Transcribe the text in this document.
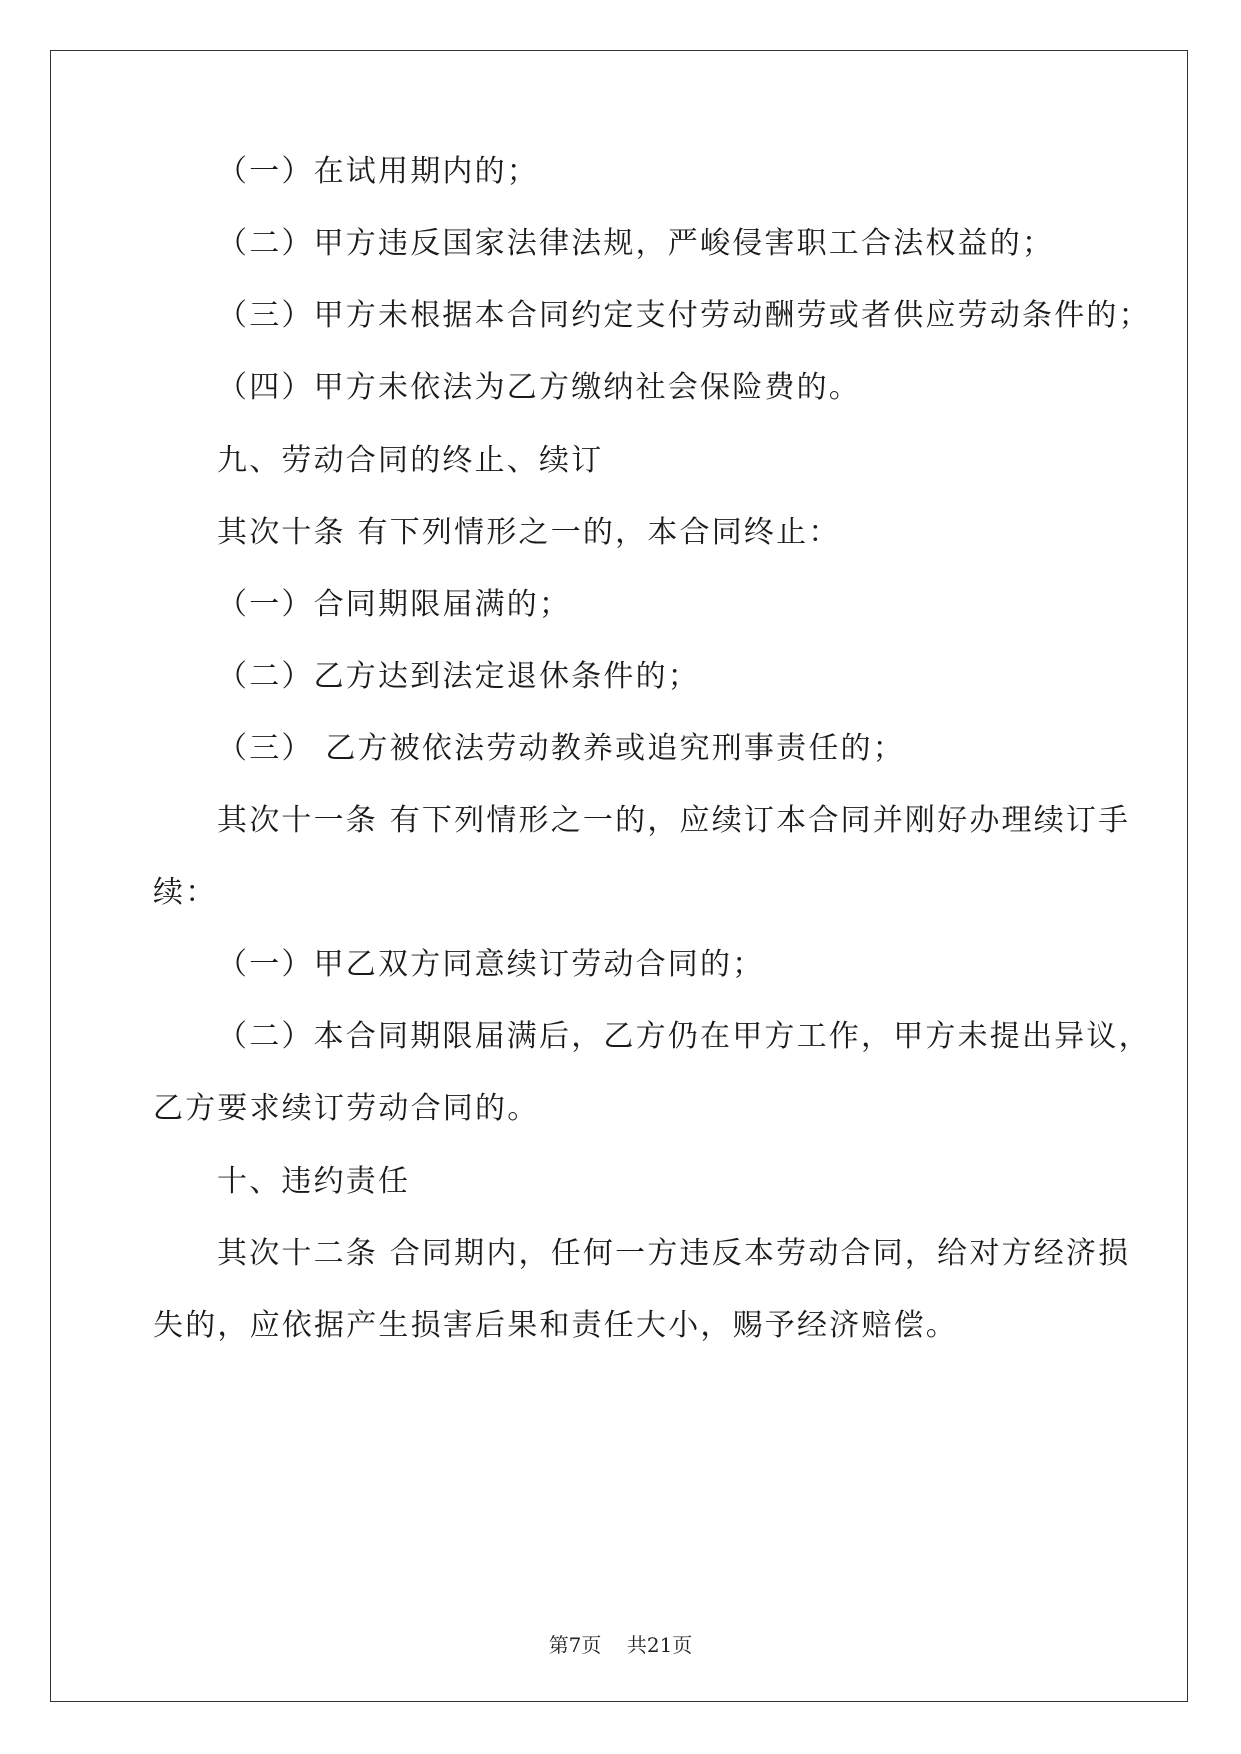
（一）在试用期内的；
（二）甲方违反国家法律法规，严峻侵害职工合法权益的；
（三）甲方未根据本合同约定支付劳动酬劳或者供应劳动条件的；
（四）甲方未依法为乙方缴纳社会保险费的。
九、劳动合同的终止、续订
其次十条 有下列情形之一的，本合同终止：
（一）合同期限届满的；
（二）乙方达到法定退休条件的；
（三） 乙方被依法劳动教养或追究刑事责任的；
其次十一条 有下列情形之一的，应续订本合同并刚好办理续订手
续：
（一）甲乙双方同意续订劳动合同的；
（二）本合同期限届满后，乙方仍在甲方工作，甲方未提出异议，
乙方要求续订劳动合同的。
十、违约责任
其次十二条 合同期内，任何一方违反本劳动合同，给对方经济损
失的，应依据产生损害后果和责任大小，赐予经济赔偿。
第7页    共21页
